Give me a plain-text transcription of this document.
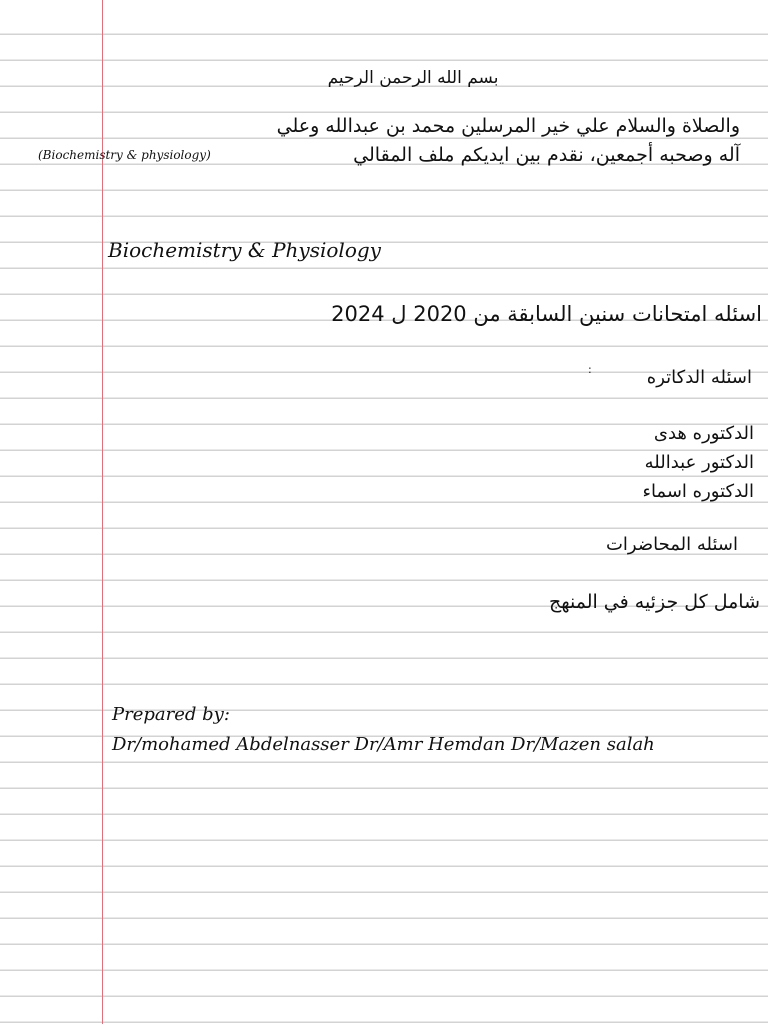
بسم الله الرحمن الرحيم
والصلاة والسلام علي خير المرسلين محمد بن عبدالله وعلي
(Biochemistry & physiology)	آله وصحبه أجمعين، نقدم بين ايديكم ملف المقالي
Biochemistry & Physiology
اسئله امتحانات سنين السابقة من 2020 ل 2024
اسئله الدكاتره
:
الدكتوره هدى
الدكتور عبدالله
الدكتوره اسماء
اسئله المحاضرات
شامل كل جزئيه في المنهج
Prepared by:
Dr/mohamed Abdelnasser Dr/Amr Hemdan Dr/Mazen salah
